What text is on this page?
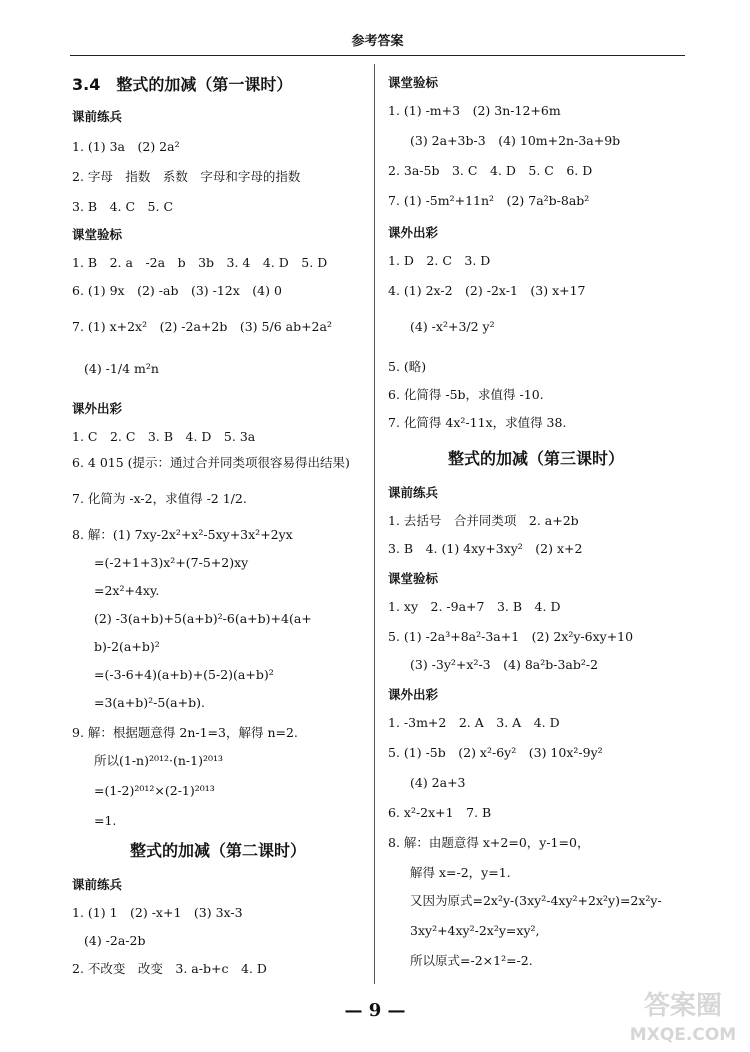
参考答案
3.4　整式的加减（第一课时）
课前练兵
1. (1) 3a　(2) 2a²
2. 字母　指数　系数　字母和字母的指数
3. B　4. C　5. C
课堂验标
1. B　2. a　-2a　b　3b　3. 4　4. D　5. D
6. (1) 9x　(2) -ab　(3) -12x　(4) 0
7. (1) x+2x²　(2) -2a+2b　(3) 5/6 ab+2a²
(4) -1/4 m²n
课外出彩
1. C　2. C　3. B　4. D　5. 3a
6. 4 015 (提示：通过合并同类项很容易得出结果)
7. 化简为 -x-2，求值得 -2 1/2.
8. 解：(1) 7xy-2x²+x²-5xy+3x²+2yx
=(-2+1+3)x²+(7-5+2)xy
=2x²+4xy.
(2) -3(a+b)+5(a+b)²-6(a+b)+4(a+
b)-2(a+b)²
=(-3-6+4)(a+b)+(5-2)(a+b)²
=3(a+b)²-5(a+b).
9. 解：根据题意得 2n-1=3，解得 n=2.
所以(1-n)²⁰¹²·(n-1)²⁰¹³
=(1-2)²⁰¹²×(2-1)²⁰¹³
=1.
整式的加减（第二课时）
课前练兵
1. (1) 1　(2) -x+1　(3) 3x-3
(4) -2a-2b
2. 不改变　改变　3. a-b+c　4. D
课堂验标
1. (1) -m+3　(2) 3n-12+6m
(3) 2a+3b-3　(4) 10m+2n-3a+9b
2. 3a-5b　3. C　4. D　5. C　6. D
7. (1) -5m²+11n²　(2) 7a²b-8ab²
课外出彩
1. D　2. C　3. D
4. (1) 2x-2　(2) -2x-1　(3) x+17
(4) -x²+3/2 y²
5. (略)
6. 化简得 -5b，求值得 -10.
7. 化简得 4x²-11x，求值得 38.
整式的加减（第三课时）
课前练兵
1. 去括号　合并同类项　2. a+2b
3. B　4. (1) 4xy+3xy²　(2) x+2
课堂验标
1. xy　2. -9a+7　3. B　4. D
5. (1) -2a³+8a²-3a+1　(2) 2x²y-6xy+10
(3) -3y²+x²-3　(4) 8a²b-3ab²-2
课外出彩
1. -3m+2　2. A　3. A　4. D
5. (1) -5b　(2) x²-6y²　(3) 10x²-9y²
(4) 2a+3
6. x²-2x+1　7. B
8. 解：由题意得 x+2=0，y-1=0，
解得 x=-2，y=1.
又因为原式=2x²y-(3xy²-4xy²+2x²y)=2x²y-
3xy²+4xy²-2x²y=xy²,
所以原式=-2×1²=-2.
— 9 —	答案圈
MXQE.COM
